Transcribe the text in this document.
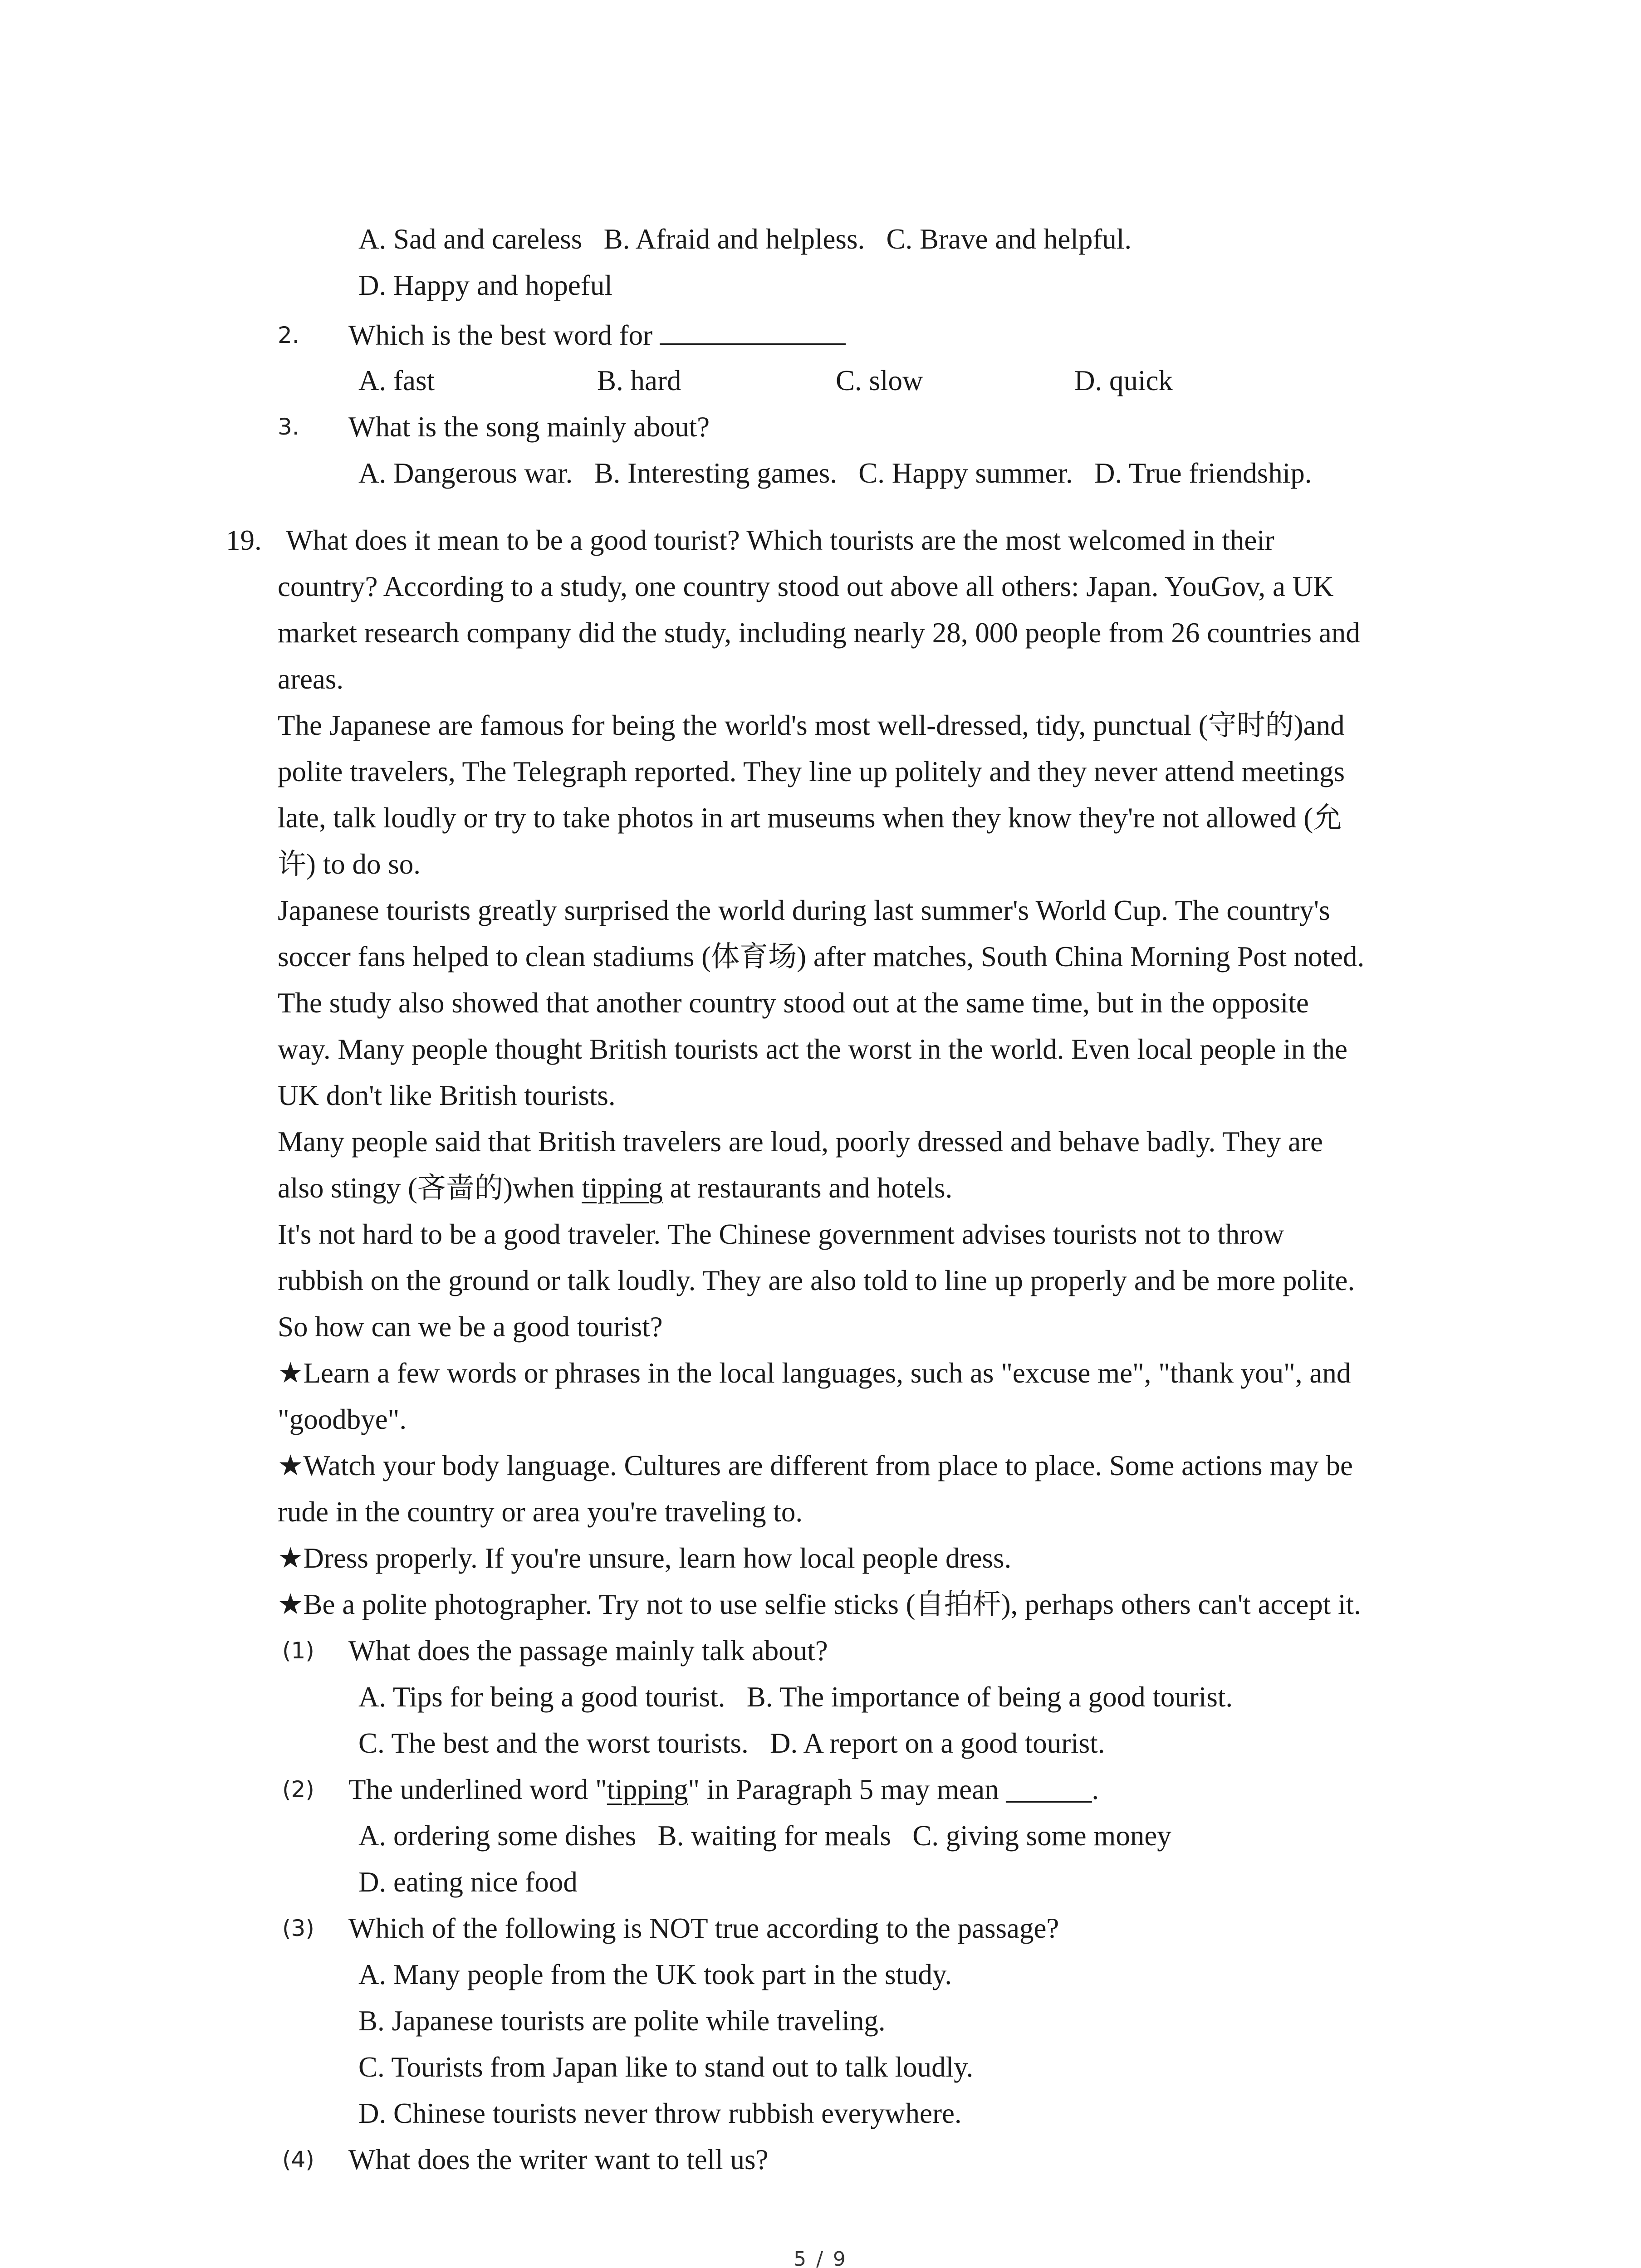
A. Sad and careless   B. Afraid and helpless.   C. Brave and helpful.
D. Happy and hopeful
2. Which is the best word for
A. fast	B. hard	C. slow	D. quick
3. What is the song mainly about?
A. Dangerous war.   B. Interesting games.   C. Happy summer.   D. True friendship.
19. What does it mean to be a good tourist? Which tourists are the most welcomed in their
country? According to a study, one country stood out above all others: Japan. YouGov, a UK
market research company did the study, including nearly 28, 000 people from 26 countries and
areas.
The Japanese are famous for being the world's most well-dressed, tidy, punctual (守时的)and
polite travelers, The Telegraph reported. They line up politely and they never attend meetings
late, talk loudly or try to take photos in art museums when they know they're not allowed (允
许) to do so.
Japanese tourists greatly surprised the world during last summer's World Cup. The country's
soccer fans helped to clean stadiums (体育场) after matches, South China Morning Post noted.
The study also showed that another country stood out at the same time, but in the opposite
way. Many people thought British tourists act the worst in the world. Even local people in the
UK don't like British tourists.
Many people said that British travelers are loud, poorly dressed and behave badly. They are
also stingy (吝啬的)when tipping at restaurants and hotels.
It's not hard to be a good traveler. The Chinese government advises tourists not to throw
rubbish on the ground or talk loudly. They are also told to line up properly and be more polite.
So how can we be a good tourist?
★Learn a few words or phrases in the local languages, such as "excuse me", "thank you", and
"goodbye".
★Watch your body language. Cultures are different from place to place. Some actions may be
rude in the country or area you're traveling to.
★Dress properly. If you're unsure, learn how local people dress.
★Be a polite photographer. Try not to use selfie sticks (自拍杆), perhaps others can't accept it.
(1) What does the passage mainly talk about?
A. Tips for being a good tourist.   B. The importance of being a good tourist.
C. The best and the worst tourists.   D. A report on a good tourist.
(2) The underlined word "tipping" in Paragraph 5 may mean ______.
A. ordering some dishes   B. waiting for meals   C. giving some money
D. eating nice food
(3) Which of the following is NOT true according to the passage?
A. Many people from the UK took part in the study.
B. Japanese tourists are polite while traveling.
C. Tourists from Japan like to stand out to talk loudly.
D. Chinese tourists never throw rubbish everywhere.
(4) What does the writer want to tell us?
5 / 9
